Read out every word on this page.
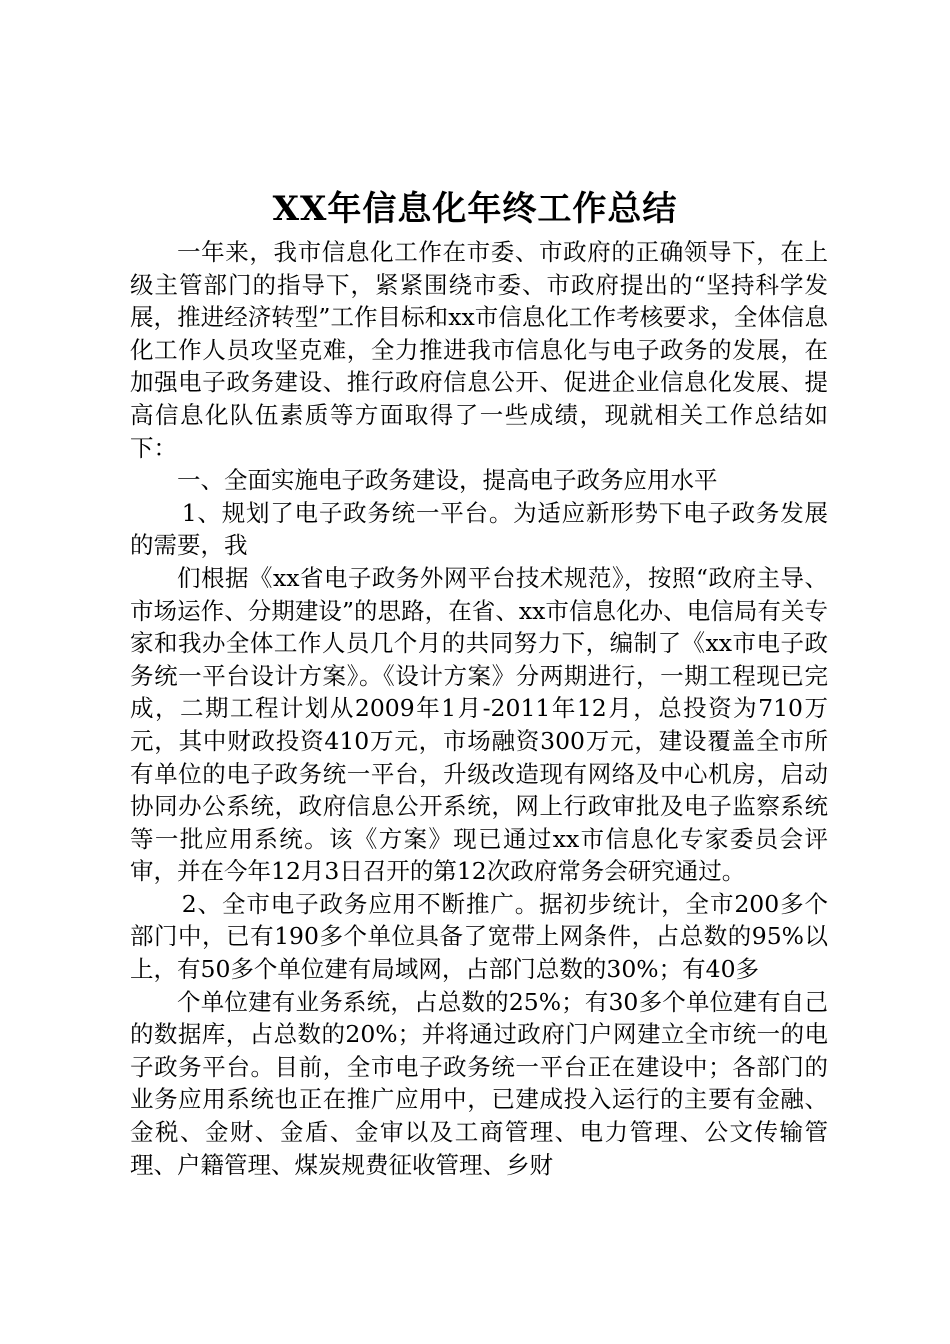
XX年信息化年终工作总结

一年来，我市信息化工作在市委、市政府的正确领导下，在上级主管部门的指导下，紧紧围绕市委、市政府提出的“坚持科学发展，推进经济转型”工作目标和xx市信息化工作考核要求，全体信息化工作人员攻坚克难，全力推进我市信息化与电子政务的发展，在加强电子政务建设、推行政府信息公开、促进企业信息化发展、提高信息化队伍素质等方面取得了一些成绩，现就相关工作总结如下：

一、全面实施电子政务建设，提高电子政务应用水平

1、规划了电子政务统一平台。为适应新形势下电子政务发展的需要，我

们根据《xx省电子政务外网平台技术规范》，按照“政府主导、市场运作、分期建设”的思路，在省、xx市信息化办、电信局有关专家和我办全体工作人员几个月的共同努力下，编制了《xx市电子政务统一平台设计方案》。《设计方案》分两期进行，一期工程现已完成，二期工程计划从2009年1月-2011年12月，总投资为710万元，其中财政投资410万元，市场融资300万元，建设覆盖全市所有单位的电子政务统一平台，升级改造现有网络及中心机房，启动协同办公系统，政府信息公开系统，网上行政审批及电子监察系统等一批应用系统。该《方案》现已通过xx市信息化专家委员会评审，并在今年12月3日召开的第12次政府常务会研究通过。

2、全市电子政务应用不断推广。据初步统计，全市200多个部门中，已有190多个单位具备了宽带上网条件，占总数的95%以上，有50多个单位建有局域网，占部门总数的30%；有40多

个单位建有业务系统，占总数的25%；有30多个单位建有自己的数据库，占总数的20%；并将通过政府门户网建立全市统一的电子政务平台。目前，全市电子政务统一平台正在建设中；各部门的业务应用系统也正在推广应用中，已建成投入运行的主要有金融、金税、金财、金盾、金审以及工商管理、电力管理、公文传输管理、户籍管理、煤炭规费征收管理、乡财
